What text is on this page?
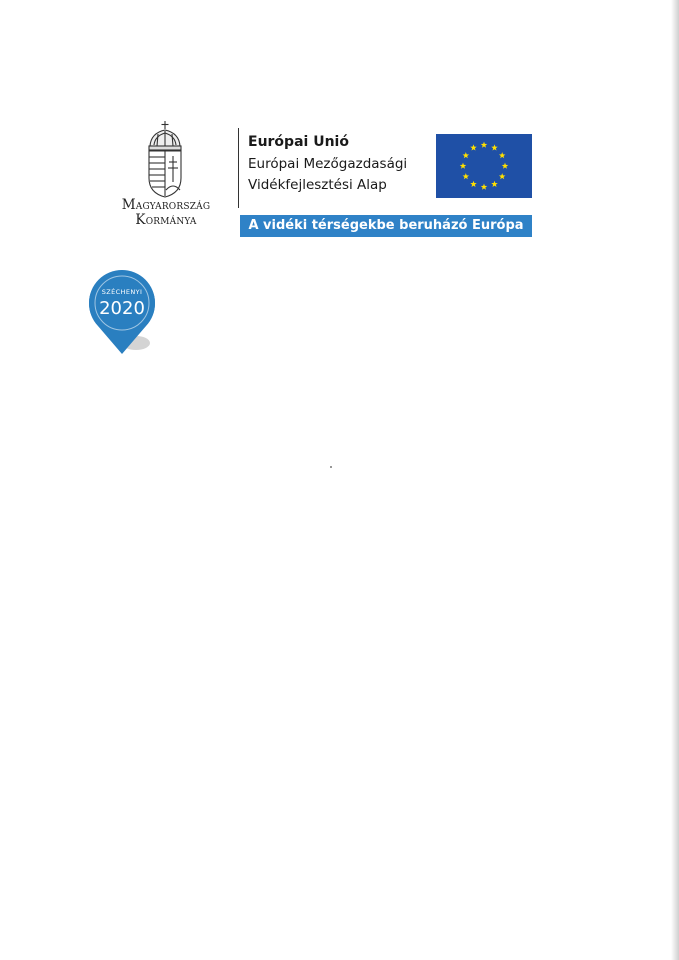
Magyarország
Kormánya
Európai Unió
Európai Mezőgazdasági
Vidékfejlesztési Alap
A vidéki térségekbe beruházó Európa
SZÉCHENYI
2020
